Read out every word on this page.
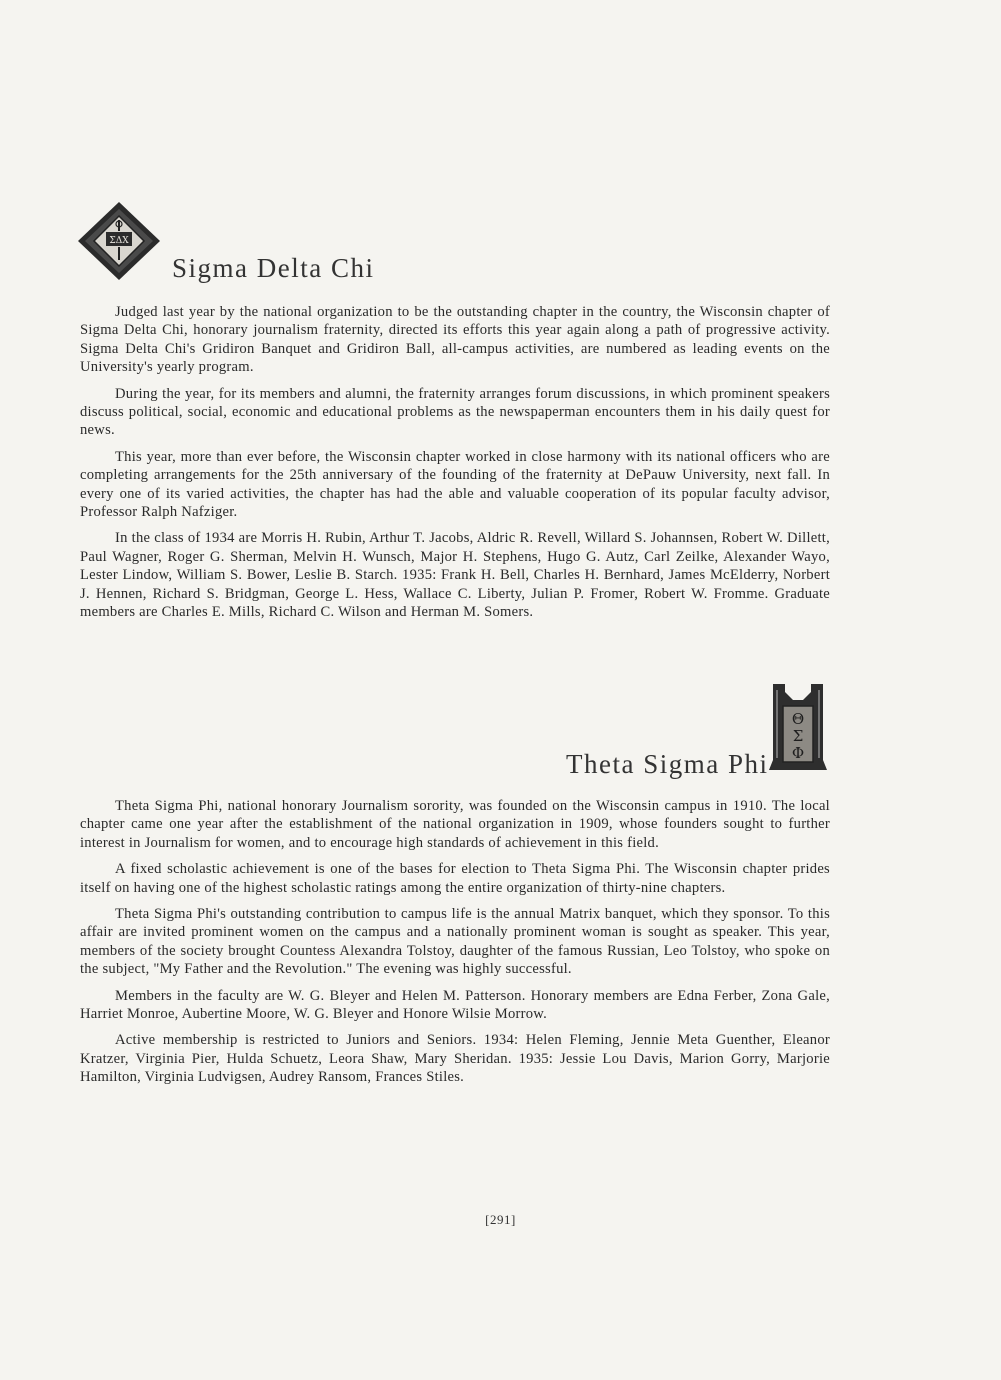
ΣΔΧ
Sigma Delta Chi

Judged last year by the national organization to be the outstanding chapter in the country, the Wisconsin chapter of Sigma Delta Chi, honorary journalism fraternity, directed its efforts this year again along a path of progressive activity. Sigma Delta Chi's Gridiron Banquet and Gridiron Ball, all-campus activities, are numbered as leading events on the University's yearly program.

During the year, for its members and alumni, the fraternity arranges forum discussions, in which prominent speakers discuss political, social, economic and educational problems as the newspaperman encounters them in his daily quest for news.

This year, more than ever before, the Wisconsin chapter worked in close harmony with its national officers who are completing arrangements for the 25th anniversary of the founding of the fraternity at DePauw University, next fall. In every one of its varied activities, the chapter has had the able and valuable cooperation of its popular faculty advisor, Professor Ralph Nafziger.

In the class of 1934 are Morris H. Rubin, Arthur T. Jacobs, Aldric R. Revell, Willard S. Johannsen, Robert W. Dillett, Paul Wagner, Roger G. Sherman, Melvin H. Wunsch, Major H. Stephens, Hugo G. Autz, Carl Zeilke, Alexander Wayo, Lester Lindow, William S. Bower, Leslie B. Starch. 1935: Frank H. Bell, Charles H. Bernhard, James McElderry, Norbert J. Hennen, Richard S. Bridgman, George L. Hess, Wallace C. Liberty, Julian P. Fromer, Robert W. Fromme. Graduate members are Charles E. Mills, Richard C. Wilson and Herman M. Somers.

Theta Sigma Phi
Θ
Σ
Φ

Theta Sigma Phi, national honorary Journalism sorority, was founded on the Wisconsin campus in 1910. The local chapter came one year after the establishment of the national organization in 1909, whose founders sought to further interest in Journalism for women, and to encourage high standards of achievement in this field.

A fixed scholastic achievement is one of the bases for election to Theta Sigma Phi. The Wisconsin chapter prides itself on having one of the highest scholastic ratings among the entire organization of thirty-nine chapters.

Theta Sigma Phi's outstanding contribution to campus life is the annual Matrix banquet, which they sponsor. To this affair are invited prominent women on the campus and a nationally prominent woman is sought as speaker. This year, members of the society brought Countess Alexandra Tolstoy, daughter of the famous Russian, Leo Tolstoy, who spoke on the subject, "My Father and the Revolution." The evening was highly successful.

Members in the faculty are W. G. Bleyer and Helen M. Patterson. Honorary members are Edna Ferber, Zona Gale, Harriet Monroe, Aubertine Moore, W. G. Bleyer and Honore Wilsie Morrow.

Active membership is restricted to Juniors and Seniors. 1934: Helen Fleming, Jennie Meta Guenther, Eleanor Kratzer, Virginia Pier, Hulda Schuetz, Leora Shaw, Mary Sheridan. 1935: Jessie Lou Davis, Marion Gorry, Marjorie Hamilton, Virginia Ludvigsen, Audrey Ransom, Frances Stiles.

[291]
